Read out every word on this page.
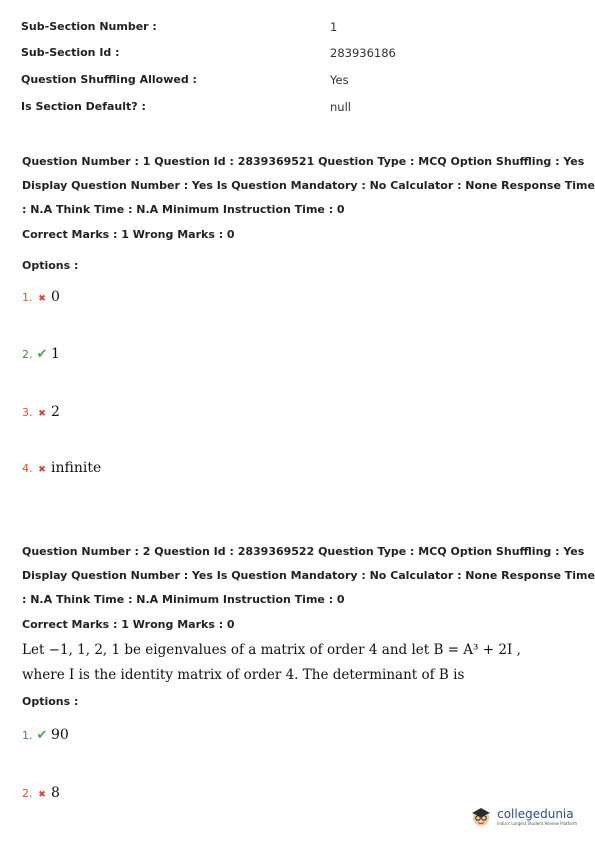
Sub-Section Number :	1
Sub-Section Id :	283936186
Question Shuffling Allowed :	Yes
Is Section Default? :	null
Question Number : 1 Question Id : 2839369521 Question Type : MCQ Option Shuffling : Yes
Display Question Number : Yes Is Question Mandatory : No Calculator : None Response Time
: N.A Think Time : N.A Minimum Instruction Time : 0
Correct Marks : 1 Wrong Marks : 0
Options :
1. ✖ 0
2. ✔ 1
3. ✖ 2
4. ✖ infinite
Question Number : 2 Question Id : 2839369522 Question Type : MCQ Option Shuffling : Yes
Display Question Number : Yes Is Question Mandatory : No Calculator : None Response Time
: N.A Think Time : N.A Minimum Instruction Time : 0
Correct Marks : 1 Wrong Marks : 0
Let −1, 1, 2, 1 be eigenvalues of a matrix of order 4 and let B = A³ + 2I ,
where I is the identity matrix of order 4. The determinant of B is
Options :
1. ✔ 90
2. ✖ 8
collegedunia
India's Largest Student Review Platform
